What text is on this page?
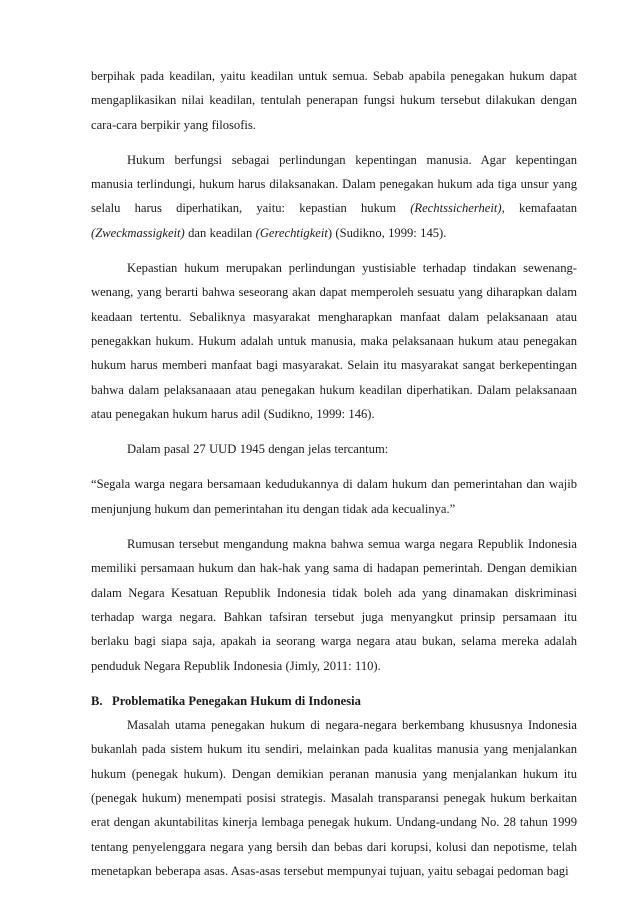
berpihak pada keadilan, yaitu keadilan untuk semua. Sebab apabila penegakan hukum dapat mengaplikasikan nilai keadilan, tentulah penerapan fungsi hukum tersebut dilakukan dengan cara-cara berpikir yang filosofis.

Hukum berfungsi sebagai perlindungan kepentingan manusia. Agar kepentingan manusia terlindungi, hukum harus dilaksanakan. Dalam penegakan hukum ada tiga unsur yang selalu harus diperhatikan, yaitu: kepastian hukum (Rechtssicherheit), kemafaatan (Zweckmassigkeit) dan keadilan (Gerechtigkeit) (Sudikno, 1999: 145).

Kepastian hukum merupakan perlindungan yustisiable terhadap tindakan sewenang-wenang, yang berarti bahwa seseorang akan dapat memperoleh sesuatu yang diharapkan dalam keadaan tertentu. Sebaliknya masyarakat mengharapkan manfaat dalam pelaksanaan atau penegakkan hukum. Hukum adalah untuk manusia, maka pelaksanaan hukum atau penegakan hukum harus memberi manfaat bagi masyarakat. Selain itu masyarakat sangat berkepentingan bahwa dalam pelaksanaaan atau penegakan hukum keadilan diperhatikan. Dalam pelaksanaan atau penegakan hukum harus adil (Sudikno, 1999: 146).

Dalam pasal 27 UUD 1945 dengan jelas tercantum:

“Segala warga negara bersamaan kedudukannya di dalam hukum dan pemerintahan dan wajib menjunjung hukum dan pemerintahan itu dengan tidak ada kecualinya.”

Rumusan tersebut mengandung makna bahwa semua warga negara Republik Indonesia memiliki persamaan hukum dan hak-hak yang sama di hadapan pemerintah. Dengan demikian dalam Negara Kesatuan Republik Indonesia tidak boleh ada yang dinamakan diskriminasi terhadap warga negara. Bahkan tafsiran tersebut juga menyangkut prinsip persamaan itu berlaku bagi siapa saja, apakah ia seorang warga negara atau bukan, selama mereka adalah penduduk Negara Republik Indonesia (Jimly, 2011: 110).

B. Problematika Penegakan Hukum di Indonesia

Masalah utama penegakan hukum di negara-negara berkembang khususnya Indonesia bukanlah pada sistem hukum itu sendiri, melainkan pada kualitas manusia yang menjalankan hukum (penegak hukum). Dengan demikian peranan manusia yang menjalankan hukum itu (penegak hukum) menempati posisi strategis. Masalah transparansi penegak hukum berkaitan erat dengan akuntabilitas kinerja lembaga penegak hukum. Undang-undang No. 28 tahun 1999 tentang penyelenggara negara yang bersih dan bebas dari korupsi, kolusi dan nepotisme, telah menetapkan beberapa asas. Asas-asas tersebut mempunyai tujuan, yaitu sebagai pedoman bagi
